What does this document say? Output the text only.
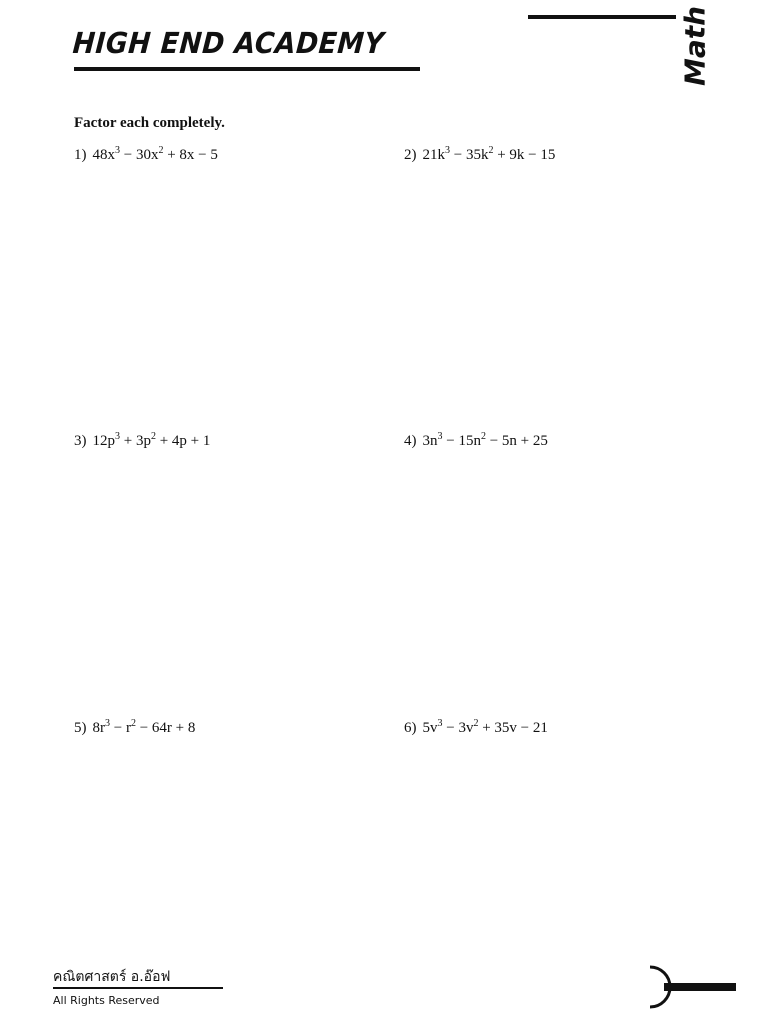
HIGH END ACADEMY	Math
Factor each completely.
1) $48x^3 - 30x^2 + 8x - 5$	2) $21k^3 - 35k^2 + 9k - 15$
3) $12p^3 + 3p^2 + 4p + 1$	4) $3n^3 - 15n^2 - 5n + 25$
5) $8r^3 - r^2 - 64r + 8$	6) $5v^3 - 3v^2 + 35v - 21$
คณิตศาสตร์ อ.อ๊อฟ
All Rights Reserved
